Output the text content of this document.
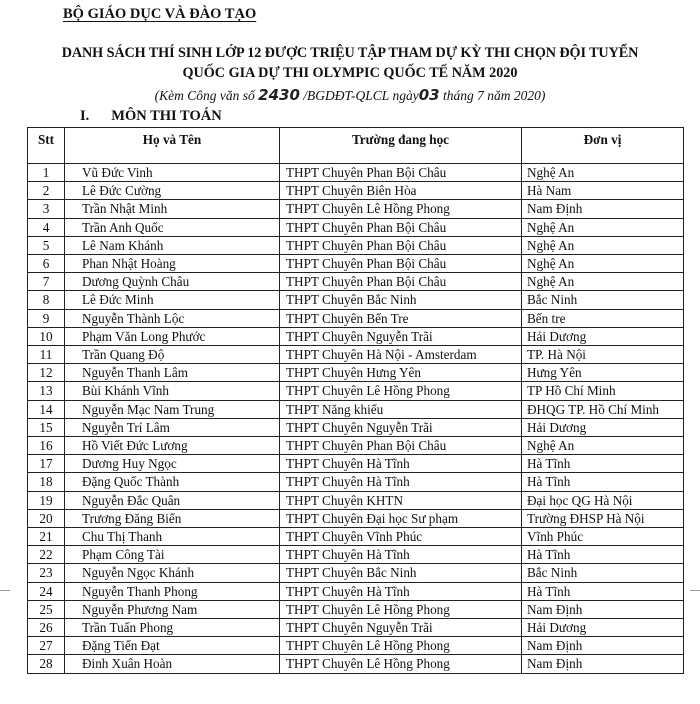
BỘ GIÁO DỤC VÀ ĐÀO TẠO
DANH SÁCH THÍ SINH LỚP 12 ĐƯỢC TRIỆU TẬP THAM DỰ KỲ THI CHỌN ĐỘI TUYỂN
QUỐC GIA DỰ THI OLYMPIC QUỐC TẾ NĂM 2020
(Kèm Công văn số 2430 /BGDĐT-QLCL ngày03 tháng 7 năm 2020)
I. MÔN THI TOÁN
Stt	Họ và Tên	Trường đang học	Đơn vị
1	Vũ Đức Vinh	THPT Chuyên Phan Bội Châu	Nghệ An
2	Lê Đức Cường	THPT Chuyên Biên Hòa	Hà Nam
3	Trần Nhật Minh	THPT Chuyên Lê Hồng Phong	Nam Định
4	Trần Anh Quốc	THPT Chuyên Phan Bội Châu	Nghệ An
5	Lê Nam Khánh	THPT Chuyên Phan Bội Châu	Nghệ An
6	Phan Nhật Hoàng	THPT Chuyên Phan Bội Châu	Nghệ An
7	Dương Quỳnh Châu	THPT Chuyên Phan Bội Châu	Nghệ An
8	Lê Đức Minh	THPT Chuyên Bắc Ninh	Bắc Ninh
9	Nguyễn Thành Lộc	THPT Chuyên Bến Tre	Bến tre
10	Phạm Văn Long Phước	THPT Chuyên Nguyễn Trãi	Hải Dương
11	Trần Quang Độ	THPT Chuyên Hà Nội - Amsterdam	TP. Hà Nội
12	Nguyễn Thanh Lâm	THPT Chuyên Hưng Yên	Hưng Yên
13	Bùi Khánh Vĩnh	THPT Chuyên Lê Hồng Phong	TP Hồ Chí Minh
14	Nguyễn Mạc Nam Trung	THPT Năng khiếu	ĐHQG TP. Hồ Chí Minh
15	Nguyễn Trí Lâm	THPT Chuyên Nguyễn Trãi	Hải Dương
16	Hồ Viết Đức Lương	THPT Chuyên Phan Bội Châu	Nghệ An
17	Dương Huy Ngọc	THPT Chuyên Hà Tĩnh	Hà Tĩnh
18	Đặng Quốc Thành	THPT Chuyên Hà Tĩnh	Hà Tĩnh
19	Nguyễn Đắc Quân	THPT Chuyên KHTN	Đại học QG Hà Nội
20	Trương Đăng Biển	THPT Chuyên Đại học Sư phạm	Trường ĐHSP Hà Nội
21	Chu Thị Thanh	THPT Chuyên Vĩnh Phúc	Vĩnh Phúc
22	Phạm Công Tài	THPT Chuyên Hà Tĩnh	Hà Tĩnh
23	Nguyễn Ngọc Khánh	THPT Chuyên Bắc Ninh	Bắc Ninh
24	Nguyễn Thanh Phong	THPT Chuyên Hà Tĩnh	Hà Tĩnh
25	Nguyễn Phương Nam	THPT Chuyên Lê Hồng Phong	Nam Định
26	Trần Tuấn Phong	THPT Chuyên Nguyễn Trãi	Hải Dương
27	Đặng Tiến Đạt	THPT Chuyên Lê Hồng Phong	Nam Định
28	Đinh Xuân Hoàn	THPT Chuyên Lê Hồng Phong	Nam Định
